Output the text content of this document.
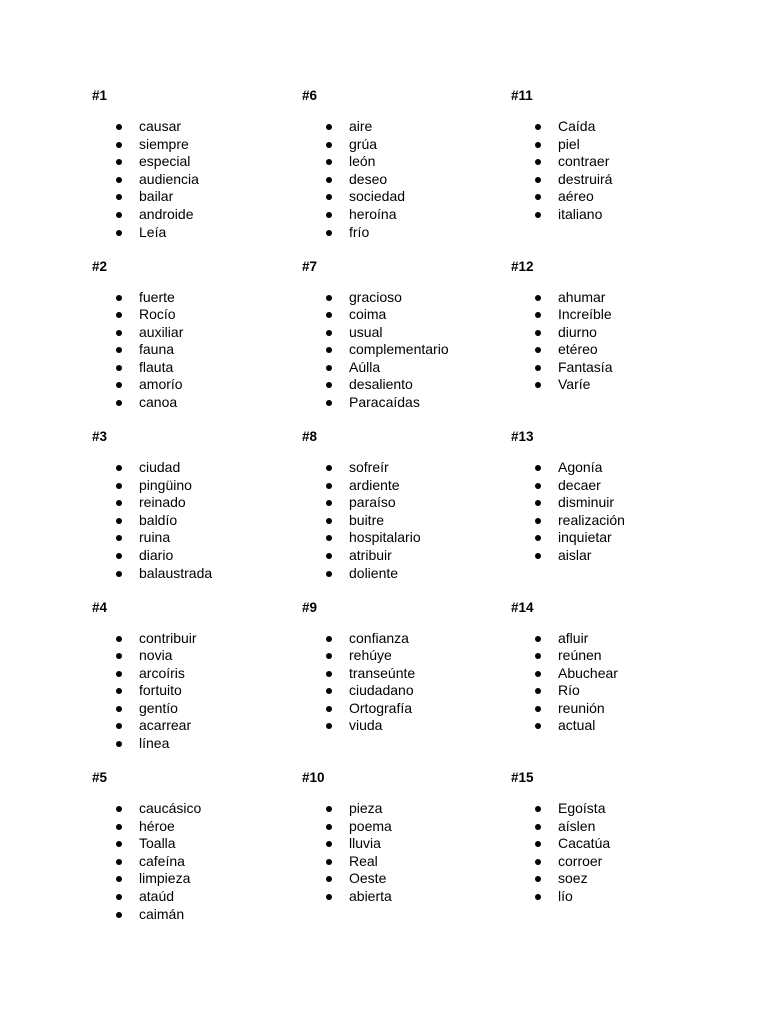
#1
causar
siempre
especial
audiencia
bailar
androide
Leía
#2
fuerte
Rocío
auxiliar
fauna
flauta
amorío
canoa
#3
ciudad
pingüino
reinado
baldío
ruina
diario
balaustrada
#4
contribuir
novia
arcoíris
fortuito
gentío
acarrear
línea
#5
caucásico
héroe
Toalla
cafeína
limpieza
ataúd
caimán
#6
aire
grúa
león
deseo
sociedad
heroína
frío
#7
gracioso
coima
usual
complementario
Aúlla
desaliento
Paracaídas
#8
sofreír
ardiente
paraíso
buitre
hospitalario
atribuir
doliente
#9
confianza
rehúye
transeúnte
ciudadano
Ortografía
viuda
#10
pieza
poema
lluvia
Real
Oeste
abierta
#11
Caída
piel
contraer
destruirá
aéreo
italiano
#12
ahumar
Increíble
diurno
etéreo
Fantasía
Varíe
#13
Agonía
decaer
disminuir
realización
inquietar
aislar
#14
afluir
reúnen
Abuchear
Río
reunión
actual
#15
Egoísta
aíslen
Cacatúa
corroer
soez
lío
